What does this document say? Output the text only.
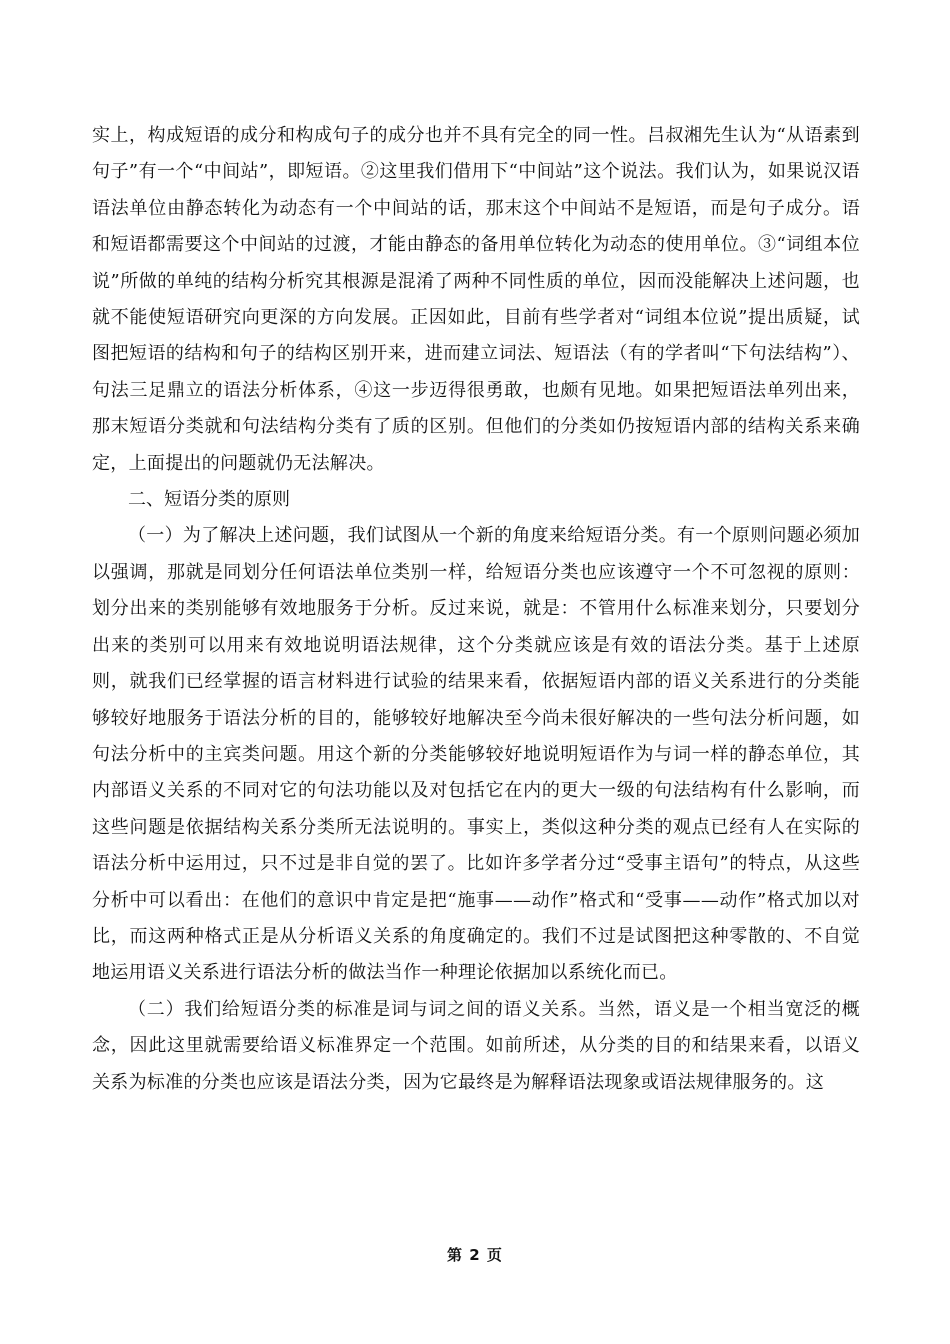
实上，构成短语的成分和构成句子的成分也并不具有完全的同一性。吕叔湘先生认为“从语素到句子”有一个“中间站”，即短语。②这里我们借用下“中间站”这个说法。我们认为，如果说汉语语法单位由静态转化为动态有一个中间站的话，那末这个中间站不是短语，而是句子成分。语和短语都需要这个中间站的过渡，才能由静态的备用单位转化为动态的使用单位。③“词组本位说”所做的单纯的结构分析究其根源是混淆了两种不同性质的单位，因而没能解决上述问题，也就不能使短语研究向更深的方向发展。正因如此，目前有些学者对“词组本位说”提出质疑，试图把短语的结构和句子的结构区别开来，进而建立词法、短语法（有的学者叫“下句法结构”）、句法三足鼎立的语法分析体系，④这一步迈得很勇敢，也颇有见地。如果把短语法单列出来，那末短语分类就和句法结构分类有了质的区别。但他们的分类如仍按短语内部的结构关系来确定，上面提出的问题就仍无法解决。

二、短语分类的原则

（一）为了解决上述问题，我们试图从一个新的角度来给短语分类。有一个原则问题必须加以强调，那就是同划分任何语法单位类别一样，给短语分类也应该遵守一个不可忽视的原则：划分出来的类别能够有效地服务于分析。反过来说，就是：不管用什么标准来划分，只要划分出来的类别可以用来有效地说明语法规律，这个分类就应该是有效的语法分类。基于上述原则，就我们已经掌握的语言材料进行试验的结果来看，依据短语内部的语义关系进行的分类能够较好地服务于语法分析的目的，能够较好地解决至今尚未很好解决的一些句法分析问题，如句法分析中的主宾类问题。用这个新的分类能够较好地说明短语作为与词一样的静态单位，其内部语义关系的不同对它的句法功能以及对包括它在内的更大一级的句法结构有什么影响，而这些问题是依据结构关系分类所无法说明的。事实上，类似这种分类的观点已经有人在实际的语法分析中运用过，只不过是非自觉的罢了。比如许多学者分过“受事主语句”的特点，从这些分析中可以看出：在他们的意识中肯定是把“施事——动作”格式和“受事——动作”格式加以对比，而这两种格式正是从分析语义关系的角度确定的。我们不过是试图把这种零散的、不自觉地运用语义关系进行语法分析的做法当作一种理论依据加以系统化而已。

（二）我们给短语分类的标准是词与词之间的语义关系。当然，语义是一个相当宽泛的概念，因此这里就需要给语义标准界定一个范围。如前所述，从分类的目的和结果来看，以语义关系为标准的分类也应该是语法分类，因为它最终是为解释语法现象或语法规律服务的。这

第 2 页
